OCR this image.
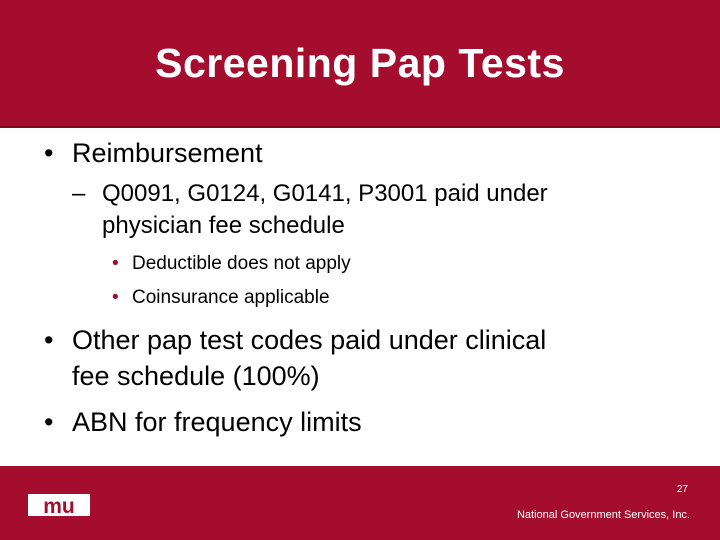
Screening Pap Tests
• Reimbursement
– Q0091, G0124, G0141, P3001 paid under
physician fee schedule
• Deductible does not apply
• Coinsurance applicable
• Other pap test codes paid under clinical
fee schedule (100%)
• ABN for frequency limits
mu
27
National Government Services, Inc.
